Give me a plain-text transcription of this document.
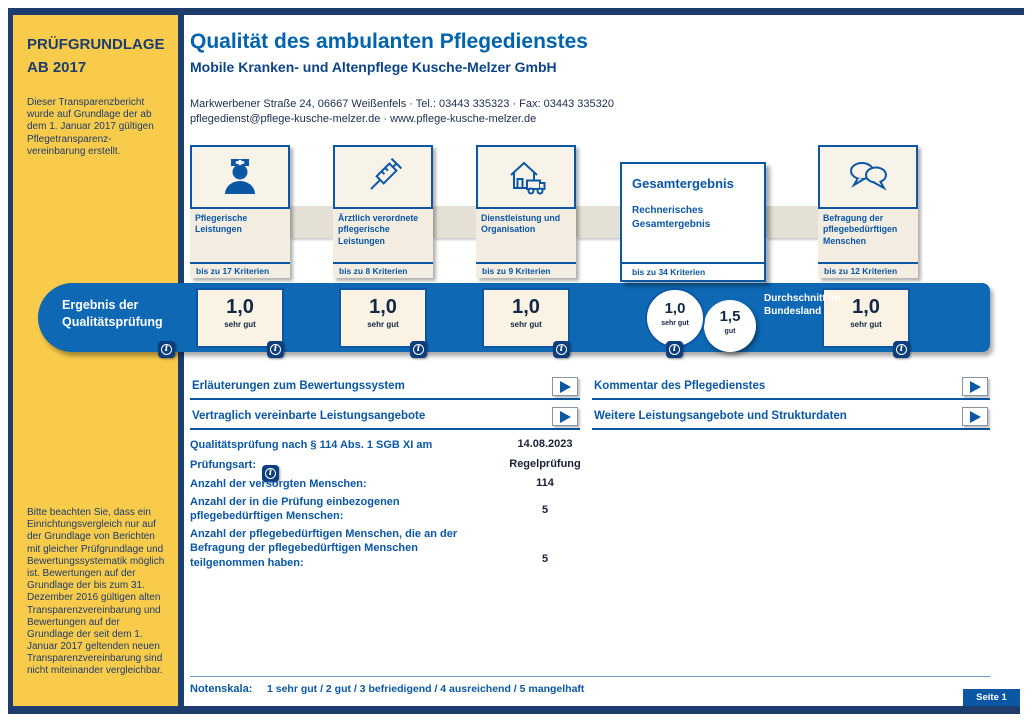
PRÜFGRUNDLAGE
AB 2017

Dieser Transparenzbericht wurde auf Grundlage der ab dem 1. Januar 2017 gültigen Pflegetransparenz-vereinbarung erstellt.

Bitte beachten Sie, dass ein Einrichtungsvergleich nur auf der Grundlage von Berichten mit gleicher Prüfgrundlage und Bewertungssystematik möglich ist. Bewertungen auf der Grundlage der bis zum 31. Dezember 2016 gültigen alten Transparenzvereinbarung und Bewertungen auf der Grundlage der seit dem 1. Januar 2017 geltenden neuen Transparenzvereinbarung sind nicht miteinander vergleichbar.

Qualität des ambulanten Pflegedienstes
Mobile Kranken- und Altenpflege Kusche-Melzer GmbH
Markwerbener Straße 24, 06667 Weißenfels · Tel.: 03443 335323 · Fax: 03443 335320
pflegedienst@pflege-kusche-melzer.de · www.pflege-kusche-melzer.de
Pflegerische Leistungen
bis zu 17 Kriterien
Ärztlich verordnete pflegerische Leistungen
bis zu 8 Kriterien
Dienstleistung und Organisation
bis zu 9 Kriterien
Gesamtergebnis
Rechnerisches Gesamtergebnis
bis zu 34 Kriterien
Befragung der pflegebedürftigen Menschen
bis zu 12 Kriterien
Ergebnis der Qualitätsprüfung
1,0
sehr gut
1,0
sehr gut
1,0
sehr gut
1,0
sehr gut 1,5
gut
Durchschnitt im Bundesland	1,0
sehr gut
i	i	i	i	i	i
Erläuterungen zum Bewertungssystem	Kommentar des Pflegedienstes
Vertraglich vereinbarte Leistungsangebote	Weitere Leistungsangebote und Strukturdaten
Qualitätsprüfung nach § 114 Abs. 1 SGB XI am	14.08.2023
Prüfungsart:
i
Regelprüfung
Anzahl der versorgten Menschen:	114
Anzahl der in die Prüfung einbezogenen pflegebedürftigen Menschen:
5
Anzahl der pflegebedürftigen Menschen, die an der Befragung der pflegebedürftigen Menschen teilgenommen haben:	5
Notenskala: 1 sehr gut / 2 gut / 3 befriedigend / 4 ausreichend / 5 mangelhaft
Seite 1
